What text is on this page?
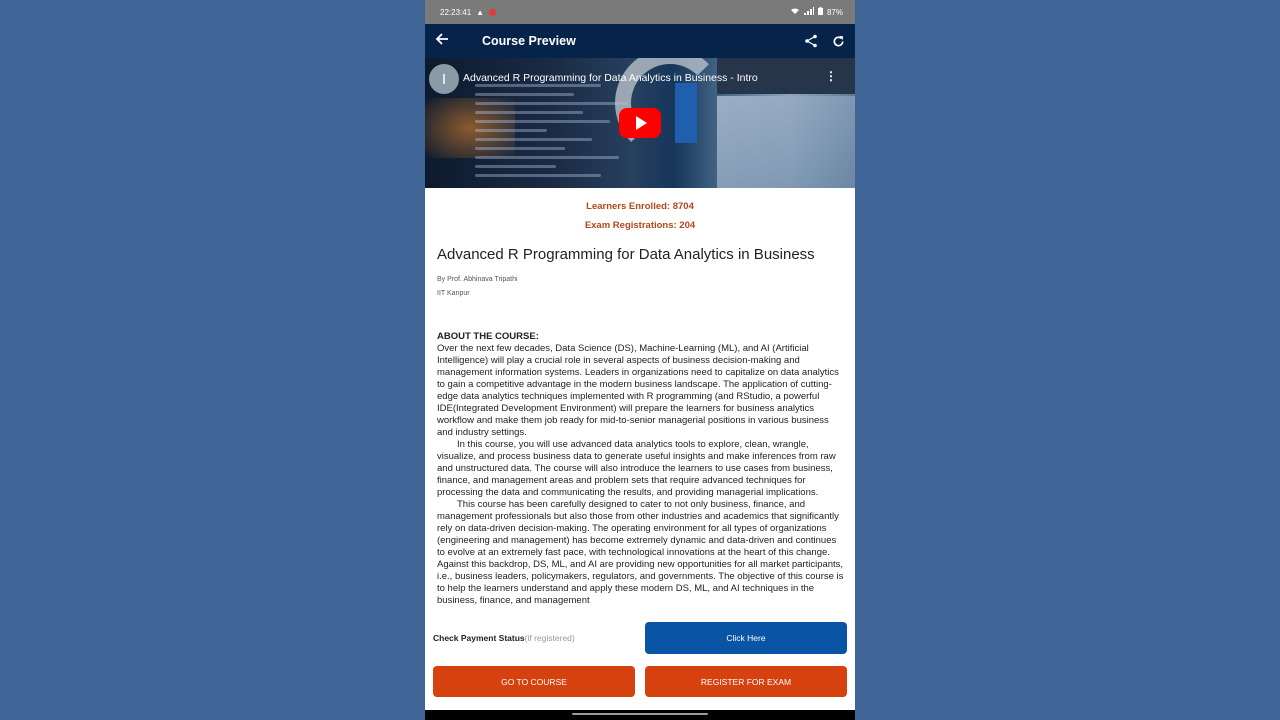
22:23:41 ▲	87%
Course Preview
I	Advanced R Programming for Data Analytics in Business - Intro	⋮
Learners Enrolled: 8704
Exam Registrations: 204
Advanced R Programming for Data Analytics in Business
By Prof. Abhinava Tripathi
IIT Kanpur
ABOUT THE COURSE:

Over the next few decades, Data Science (DS), Machine-Learning (ML), and AI (Artificial Intelligence) will play a crucial role in several aspects of business decision-making and management information systems. Leaders in organizations need to capitalize on data analytics to gain a competitive advantage in the modern business landscape. The application of cutting-edge data analytics techniques implemented with R programming (and RStudio, a powerful IDE(Integrated Development Environment) will prepare the learners for business analytics workflow and make them job ready for mid-to-senior managerial positions in various business and industry settings.

In this course, you will use advanced data analytics tools to explore, clean, wrangle, visualize, and process business data to generate useful insights and make inferences from raw and unstructured data. The course will also introduce the learners to use cases from business, finance, and management areas and problem sets that require advanced techniques for processing the data and communicating the results, and providing managerial implications.

This course has been carefully designed to cater to not only business, finance, and management professionals but also those from other industries and academics that significantly rely on data-driven decision-making. The operating environment for all types of organizations (engineering and management) has become extremely dynamic and data-driven and continues to evolve at an extremely fast pace, with technological innovations at the heart of this change. Against this backdrop, DS, ML, and AI are providing new opportunities for all market participants, i.e., business leaders, policymakers, regulators, and governments. The objective of this course is to help the learners understand and apply these modern DS, ML, and AI techniques in the business, finance, and management

Check Payment Status(if registered)	Click Here
GO TO COURSE	REGISTER FOR EXAM
